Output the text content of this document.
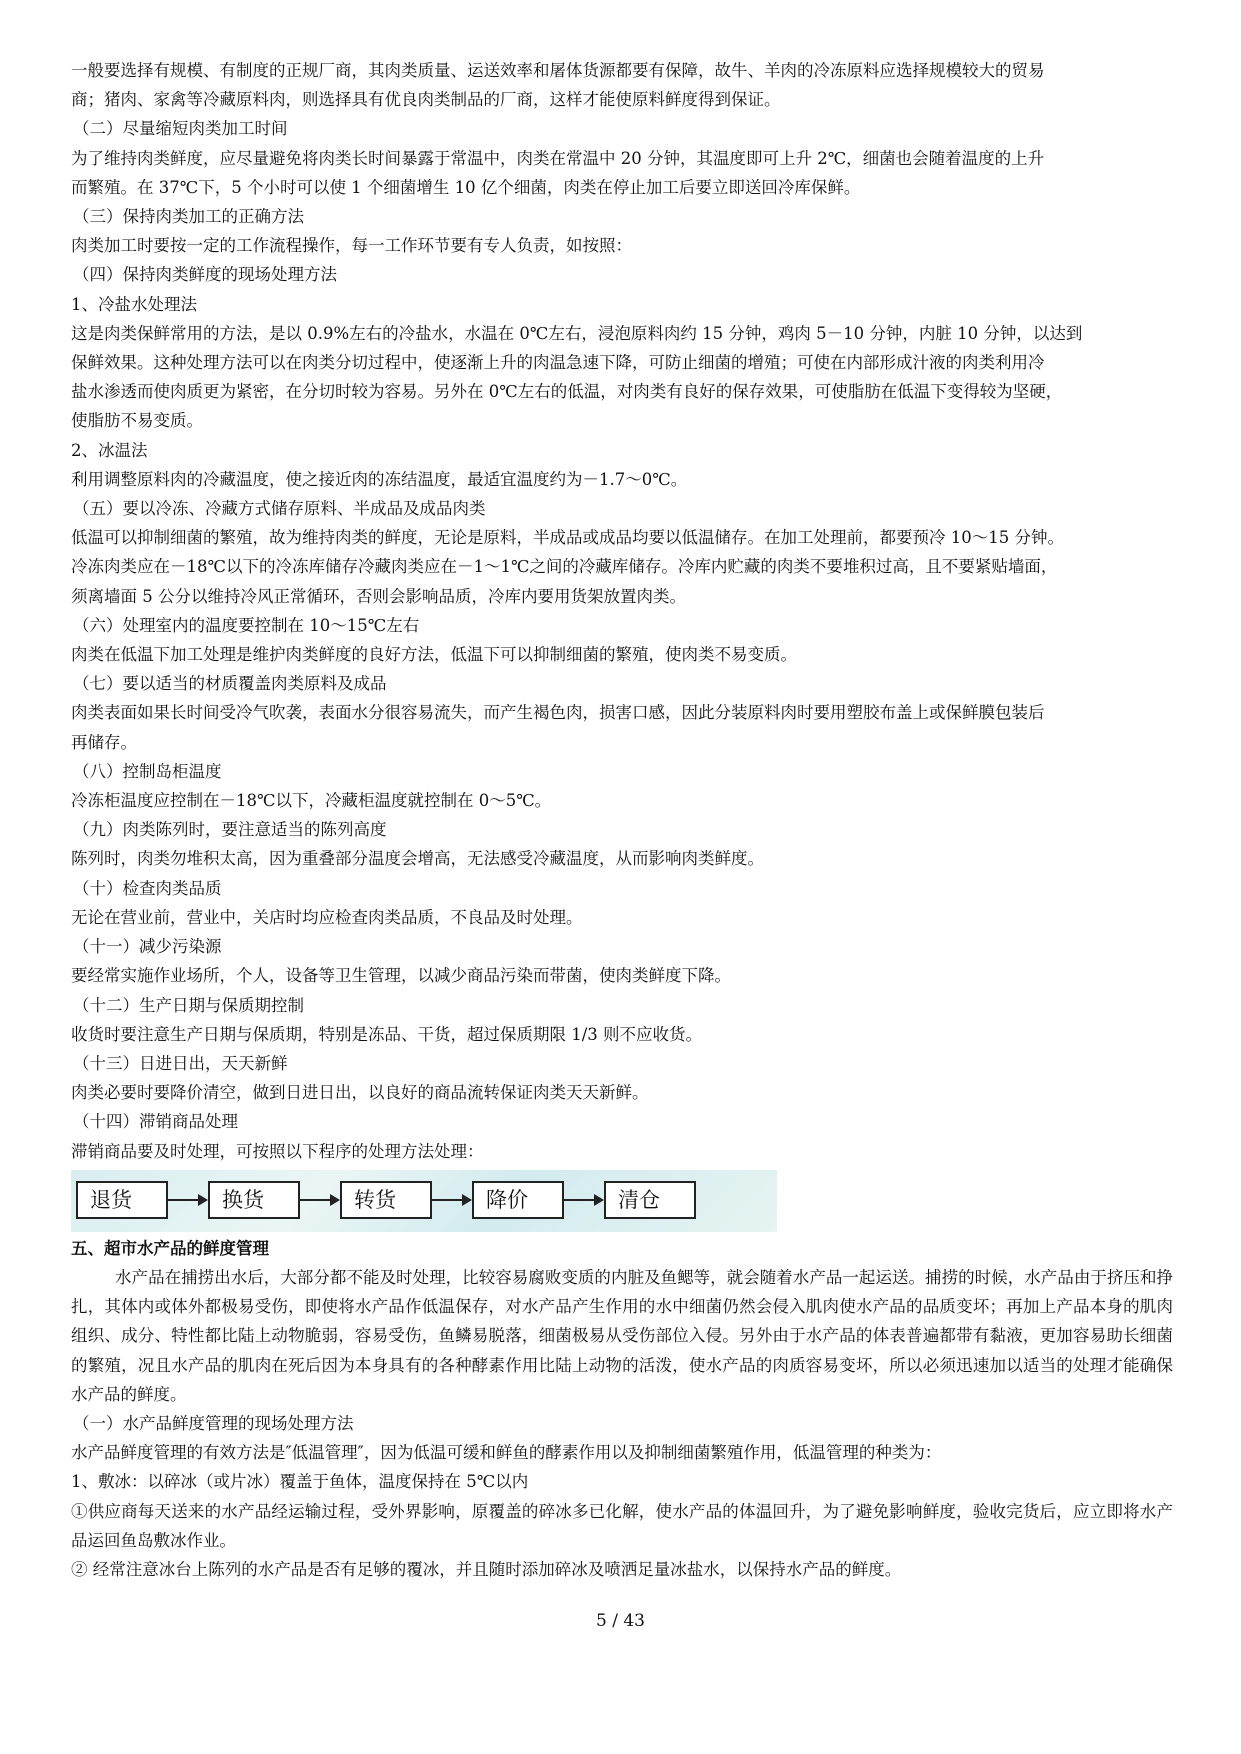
一般要选择有规模、有制度的正规厂商，其肉类质量、运送效率和屠体货源都要有保障，故牛、羊肉的冷冻原料应选择规模较大的贸易
商；猪肉、家禽等冷藏原料肉，则选择具有优良肉类制品的厂商，这样才能使原料鲜度得到保证。
（二）尽量缩短肉类加工时间
为了维持肉类鲜度，应尽量避免将肉类长时间暴露于常温中，肉类在常温中 20 分钟，其温度即可上升 2℃，细菌也会随着温度的上升
而繁殖。在 37℃下，5 个小时可以使 1 个细菌增生 10 亿个细菌，肉类在停止加工后要立即送回冷库保鲜。
（三）保持肉类加工的正确方法
肉类加工时要按一定的工作流程操作，每一工作环节要有专人负责，如按照：
（四）保持肉类鲜度的现场处理方法
1、冷盐水处理法
这是肉类保鲜常用的方法，是以 0.9%左右的冷盐水，水温在 0℃左右，浸泡原料肉约 15 分钟，鸡肉 5－10 分钟，内脏 10 分钟，以达到
保鲜效果。这种处理方法可以在肉类分切过程中，使逐渐上升的肉温急速下降，可防止细菌的增殖；可使在内部形成汁液的肉类利用冷
盐水渗透而使肉质更为紧密，在分切时较为容易。另外在 0℃左右的低温，对肉类有良好的保存效果，可使脂肪在低温下变得较为坚硬，
使脂肪不易变质。
2、冰温法
利用调整原料肉的冷藏温度，使之接近肉的冻结温度，最适宜温度约为－1.7～0℃。
（五）要以冷冻、冷藏方式储存原料、半成品及成品肉类
低温可以抑制细菌的繁殖，故为维持肉类的鲜度，无论是原料，半成品或成品均要以低温储存。在加工处理前，都要预冷 10～15 分钟。
冷冻肉类应在－18℃以下的冷冻库储存冷藏肉类应在－1～1℃之间的冷藏库储存。冷库内贮藏的肉类不要堆积过高，且不要紧贴墙面，
须离墙面 5 公分以维持冷风正常循环，否则会影响品质，冷库内要用货架放置肉类。
（六）处理室内的温度要控制在 10～15℃左右
肉类在低温下加工处理是维护肉类鲜度的良好方法，低温下可以抑制细菌的繁殖，使肉类不易变质。
（七）要以适当的材质覆盖肉类原料及成品
肉类表面如果长时间受冷气吹袭，表面水分很容易流失，而产生褐色肉，损害口感，因此分装原料肉时要用塑胶布盖上或保鲜膜包装后
再储存。
（八）控制岛柜温度
冷冻柜温度应控制在－18℃以下，冷藏柜温度就控制在 0～5℃。
（九）肉类陈列时，要注意适当的陈列高度
陈列时，肉类勿堆积太高，因为重叠部分温度会增高，无法感受冷藏温度，从而影响肉类鲜度。
（十）检查肉类品质
无论在营业前，营业中，关店时均应检查肉类品质，不良品及时处理。
（十一）减少污染源
要经常实施作业场所，个人，设备等卫生管理，以减少商品污染而带菌，使肉类鲜度下降。
（十二）生产日期与保质期控制
收货时要注意生产日期与保质期，特别是冻品、干货，超过保质期限 1/3 则不应收货。
（十三）日进日出，天天新鲜
肉类必要时要降价清空，做到日进日出，以良好的商品流转保证肉类天天新鲜。
（十四）滞销商品处理
滞销商品要及时处理，可按照以下程序的处理方法处理：
退货	换货	转货	降价	清仓
五、超市水产品的鲜度管理
水产品在捕捞出水后，大部分都不能及时处理，比较容易腐败变质的内脏及鱼鳃等，就会随着水产品一起运送。捕捞的时候，水产品由于挤压和挣扎，其体内或体外都极易受伤，即使将水产品作低温保存，对水产品产生作用的水中细菌仍然会侵入肌肉使水产品的品质变坏；再加上产品本身的肌肉组织、成分、特性都比陆上动物脆弱，容易受伤，鱼鳞易脱落，细菌极易从受伤部位入侵。另外由于水产品的体表普遍都带有黏液，更加容易助长细菌的繁殖，况且水产品的肌肉在死后因为本身具有的各种酵素作用比陆上动物的活泼，使水产品的肉质容易变坏，所以必须迅速加以适当的处理才能确保水产品的鲜度。
（一）水产品鲜度管理的现场处理方法
水产品鲜度管理的有效方法是″低温管理″，因为低温可缓和鲜鱼的酵素作用以及抑制细菌繁殖作用，低温管理的种类为：
1、敷冰：以碎冰（或片冰）覆盖于鱼体，温度保持在 5℃以内
①供应商每天送来的水产品经运输过程，受外界影响，原覆盖的碎冰多已化解，使水产品的体温回升，为了避免影响鲜度，验收完货后，应立即将水产品运回鱼岛敷冰作业。
② 经常注意冰台上陈列的水产品是否有足够的覆冰，并且随时添加碎冰及喷洒足量冰盐水，以保持水产品的鲜度。
5 / 43
